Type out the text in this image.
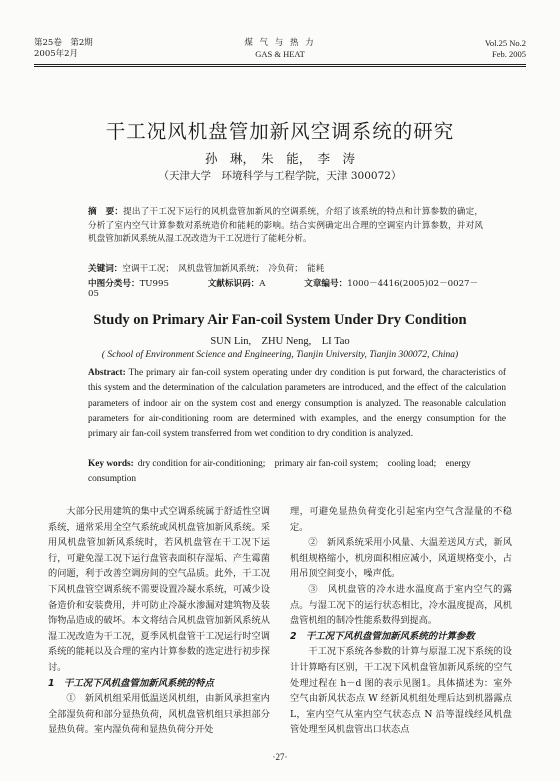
第25卷　第2期
2005年2月
煤 气 与 热 力
GAS & HEAT
Vol.25 No.2
Feb. 2005
干工况风机盘管加新风空调系统的研究
孙　琳，　朱　能，　李　涛
（天津大学　环境科学与工程学院，天津 300072）
摘　要：提出了干工况下运行的风机盘管加新风的空调系统，介绍了该系统的特点和计算参数的确定，分析了室内空气计算参数对系统造价和能耗的影响。结合实例确定出合理的空调室内计算参数，并对风机盘管加新风系统从湿工况改造为干工况进行了能耗分析。
关键词：空调干工况；　风机盘管加新风系统；　冷负荷；　能耗
中图分类号：TU995	文献标识码：A	文章编号：1000－4416(2005)02－0027－05
Study on Primary Air Fan-coil System Under Dry Condition
SUN Lin,　ZHU Neng,　LI Tao
( School of Environment Science and Engineering, Tianjin University, Tianjin 300072, China)
Abstract: The primary air fan-coil system operating under dry condition is put forward, the characteristics of this system and the determination of the calculation parameters are introduced, and the effect of the calculation parameters of indoor air on the system cost and energy consumption is analyzed. The reasonable calculation parameters for air-conditioning room are determined with examples, and the energy consumption for the primary air fan-coil system transferred from wet condition to dry condition is analyzed.
Key words: dry condition for air-conditioning;　primary air fan-coil system;　cooling load;　energy consumption

大部分民用建筑的集中式空调系统属于舒适性空调系统，通常采用全空气系统或风机盘管加新风系统。采用风机盘管加新风系统时，若风机盘管在干工况下运行，可避免湿工况下运行盘管表面积存湿垢、产生霉菌的问题，利于改善空调房间的空气品质。此外，干工况下风机盘管空调系统不需要设置冷凝水系统，可减少设备造价和安装费用，并可防止冷凝水渗漏对建筑物及装饰物品造成的破坏。本文将结合风机盘管加新风系统从湿工况改造为干工况，夏季风机盘管干工况运行时空调系统的能耗以及合理的室内计算参数的选定进行初步探讨。

1　干工况下风机盘管加新风系统的特点

①　新风机组采用低温送风机组，由新风承担室内全部湿负荷和部分显热负荷，风机盘管机组只承担部分显热负荷。室内湿负荷和显热负荷分开处

理，可避免显热负荷变化引起室内空气含湿量的不稳定。

②　新风系统采用小风量、大温差送风方式，新风机组规格缩小，机房面积相应减小，风道规格变小，占用吊顶空间变小，噪声低。

③　风机盘管的冷水进水温度高于室内空气的露点。与湿工况下的运行状态相比，冷水温度提高，风机盘管机组的制冷性能系数得到提高。

2　干工况下风机盘管加新风系统的计算参数

干工况下系统各参数的计算与原湿工况下系统的设计计算略有区别，干工况下风机盘管加新风系统的空气处理过程在 h－d 图的表示见图1。具体描述为：室外空气由新风状态点 W 经新风机组处理后达到机器露点 L，室内空气从室内空气状态点 N 沿等湿线经风机盘管处理至风机盘管出口状态点

·27·
